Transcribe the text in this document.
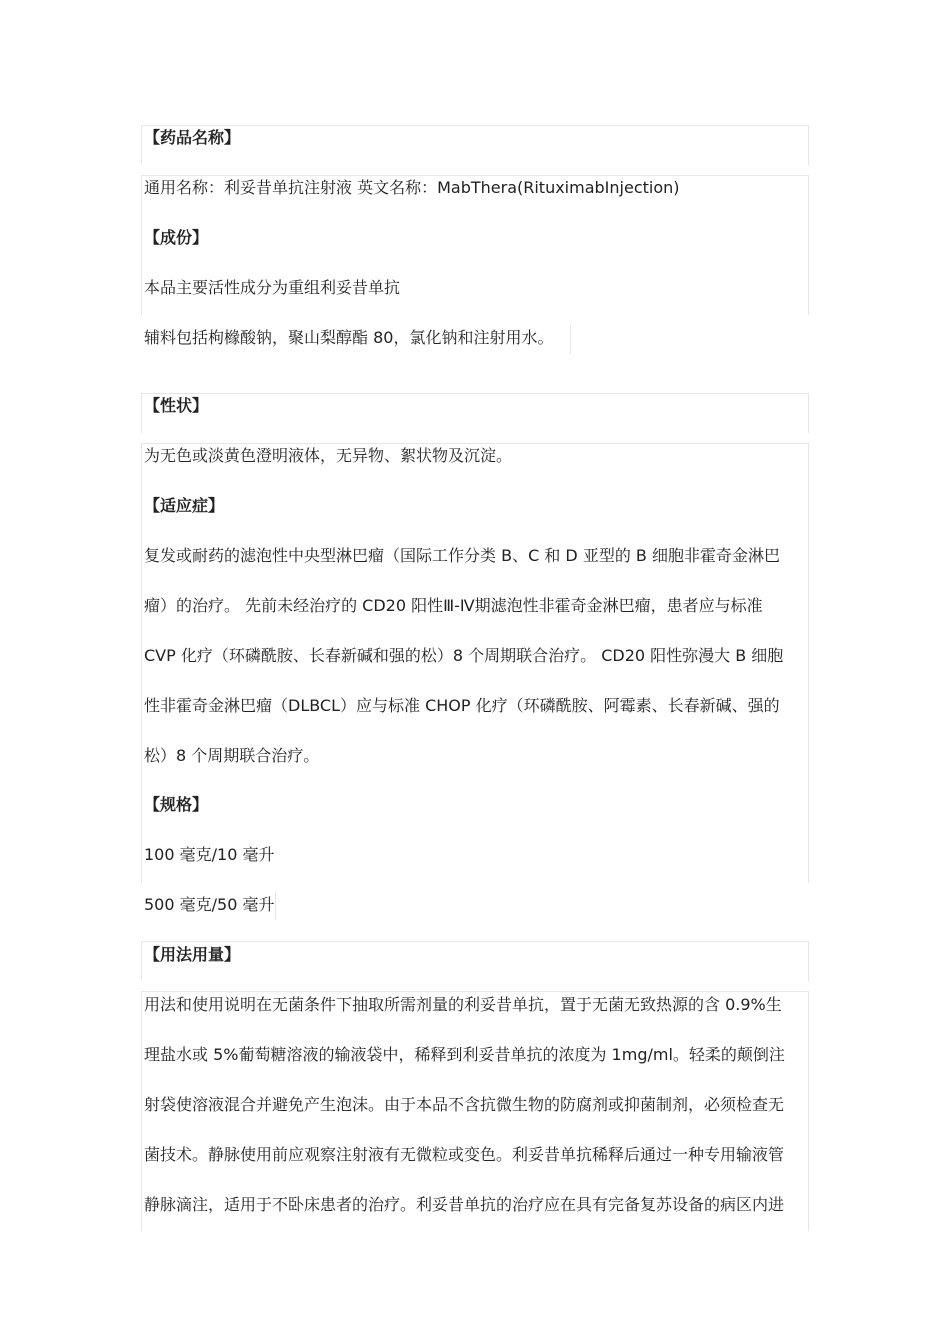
【药品名称】
通用名称：利妥昔单抗注射液 英文名称：MabThera(RituximabInjection)
【成份】
本品主要活性成分为重组利妥昔单抗
辅料包括枸橼酸钠，聚山梨醇酯 80，氯化钠和注射用水。
【性状】
为无色或淡黄色澄明液体，无异物、絮状物及沉淀。
【适应症】
复发或耐药的滤泡性中央型淋巴瘤（国际工作分类 B、C 和 D 亚型的 B 细胞非霍奇金淋巴
瘤）的治疗。 先前未经治疗的 CD20 阳性Ⅲ-Ⅳ期滤泡性非霍奇金淋巴瘤，患者应与标准
CVP 化疗（环磷酰胺、长春新碱和强的松）8 个周期联合治疗。 CD20 阳性弥漫大 B 细胞
性非霍奇金淋巴瘤（DLBCL）应与标准 CHOP 化疗（环磷酰胺、阿霉素、长春新碱、强的
松）8 个周期联合治疗。
【规格】
100 毫克/10 毫升
500 毫克/50 毫升
【用法用量】
用法和使用说明在无菌条件下抽取所需剂量的利妥昔单抗，置于无菌无致热源的含 0.9%生
理盐水或 5%葡萄糖溶液的输液袋中，稀释到利妥昔单抗的浓度为 1mg/ml。轻柔的颠倒注
射袋使溶液混合并避免产生泡沫。由于本品不含抗微生物的防腐剂或抑菌制剂，必须检查无
菌技术。静脉使用前应观察注射液有无微粒或变色。利妥昔单抗稀释后通过一种专用输液管
静脉滴注，适用于不卧床患者的治疗。利妥昔单抗的治疗应在具有完备复苏设备的病区内进
